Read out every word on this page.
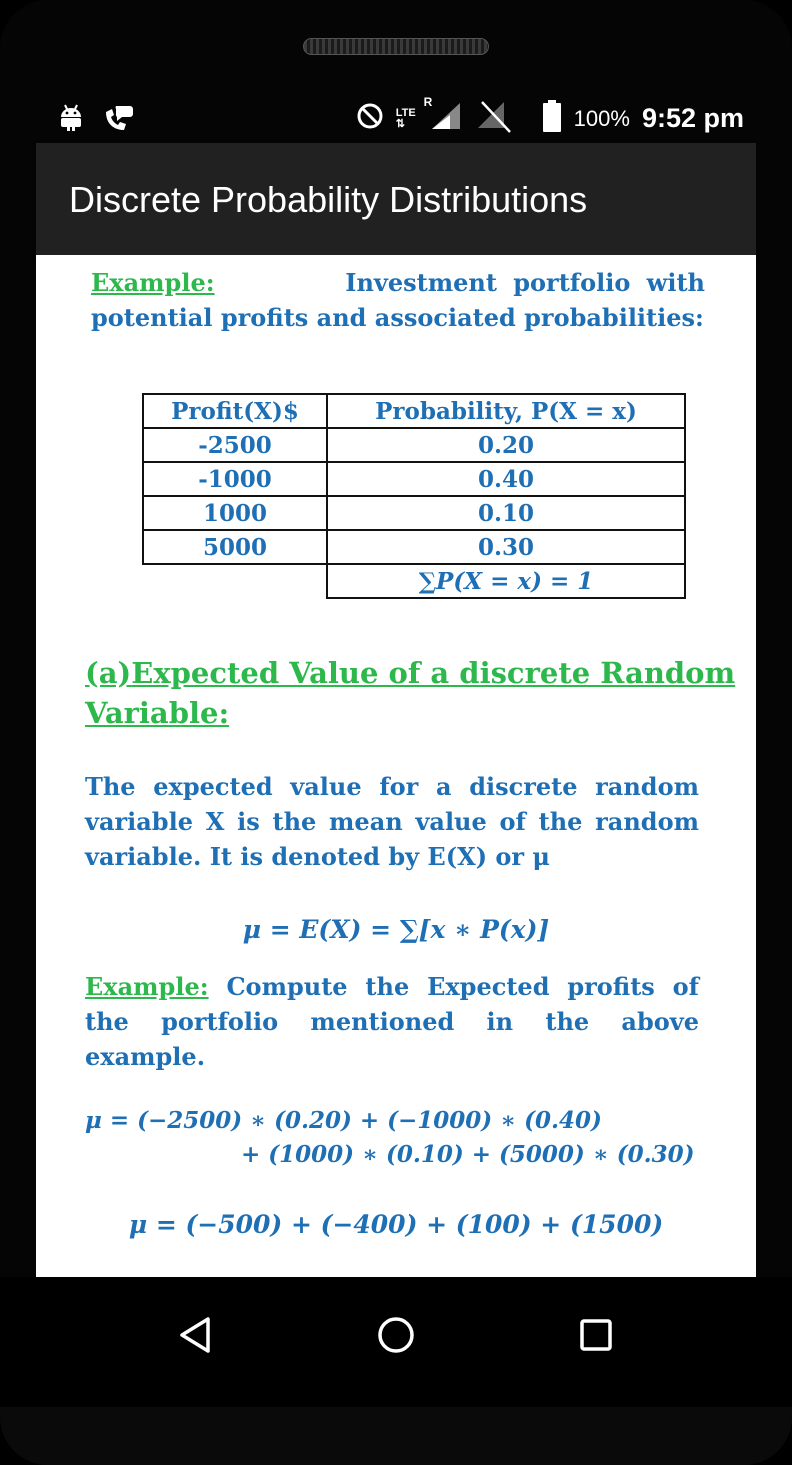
LTE
⇅
R
100% 9:52 pm
Discrete Probability Distributions
Example:	Investment portfolio with potential profits and associated probabilities:
Profit(X)$	Probability, P(X = x)
-2500	0.20
-1000	0.40
1000	0.10
5000	0.30
	∑P(X = x) = 1
(a)Expected Value of a discrete Random Variable:
The expected value for a discrete random variable X is the mean value of the random variable. It is denoted by E(X) or μ
μ = E(X) = ∑[x ∗ P(x)]
Example: Compute the Expected profits of the portfolio mentioned in the above example.
μ = (−2500) ∗ (0.20) + (−1000) ∗ (0.40)
+ (1000) ∗ (0.10) + (5000) ∗ (0.30)
μ = (−500) + (−400) + (100) + (1500)
